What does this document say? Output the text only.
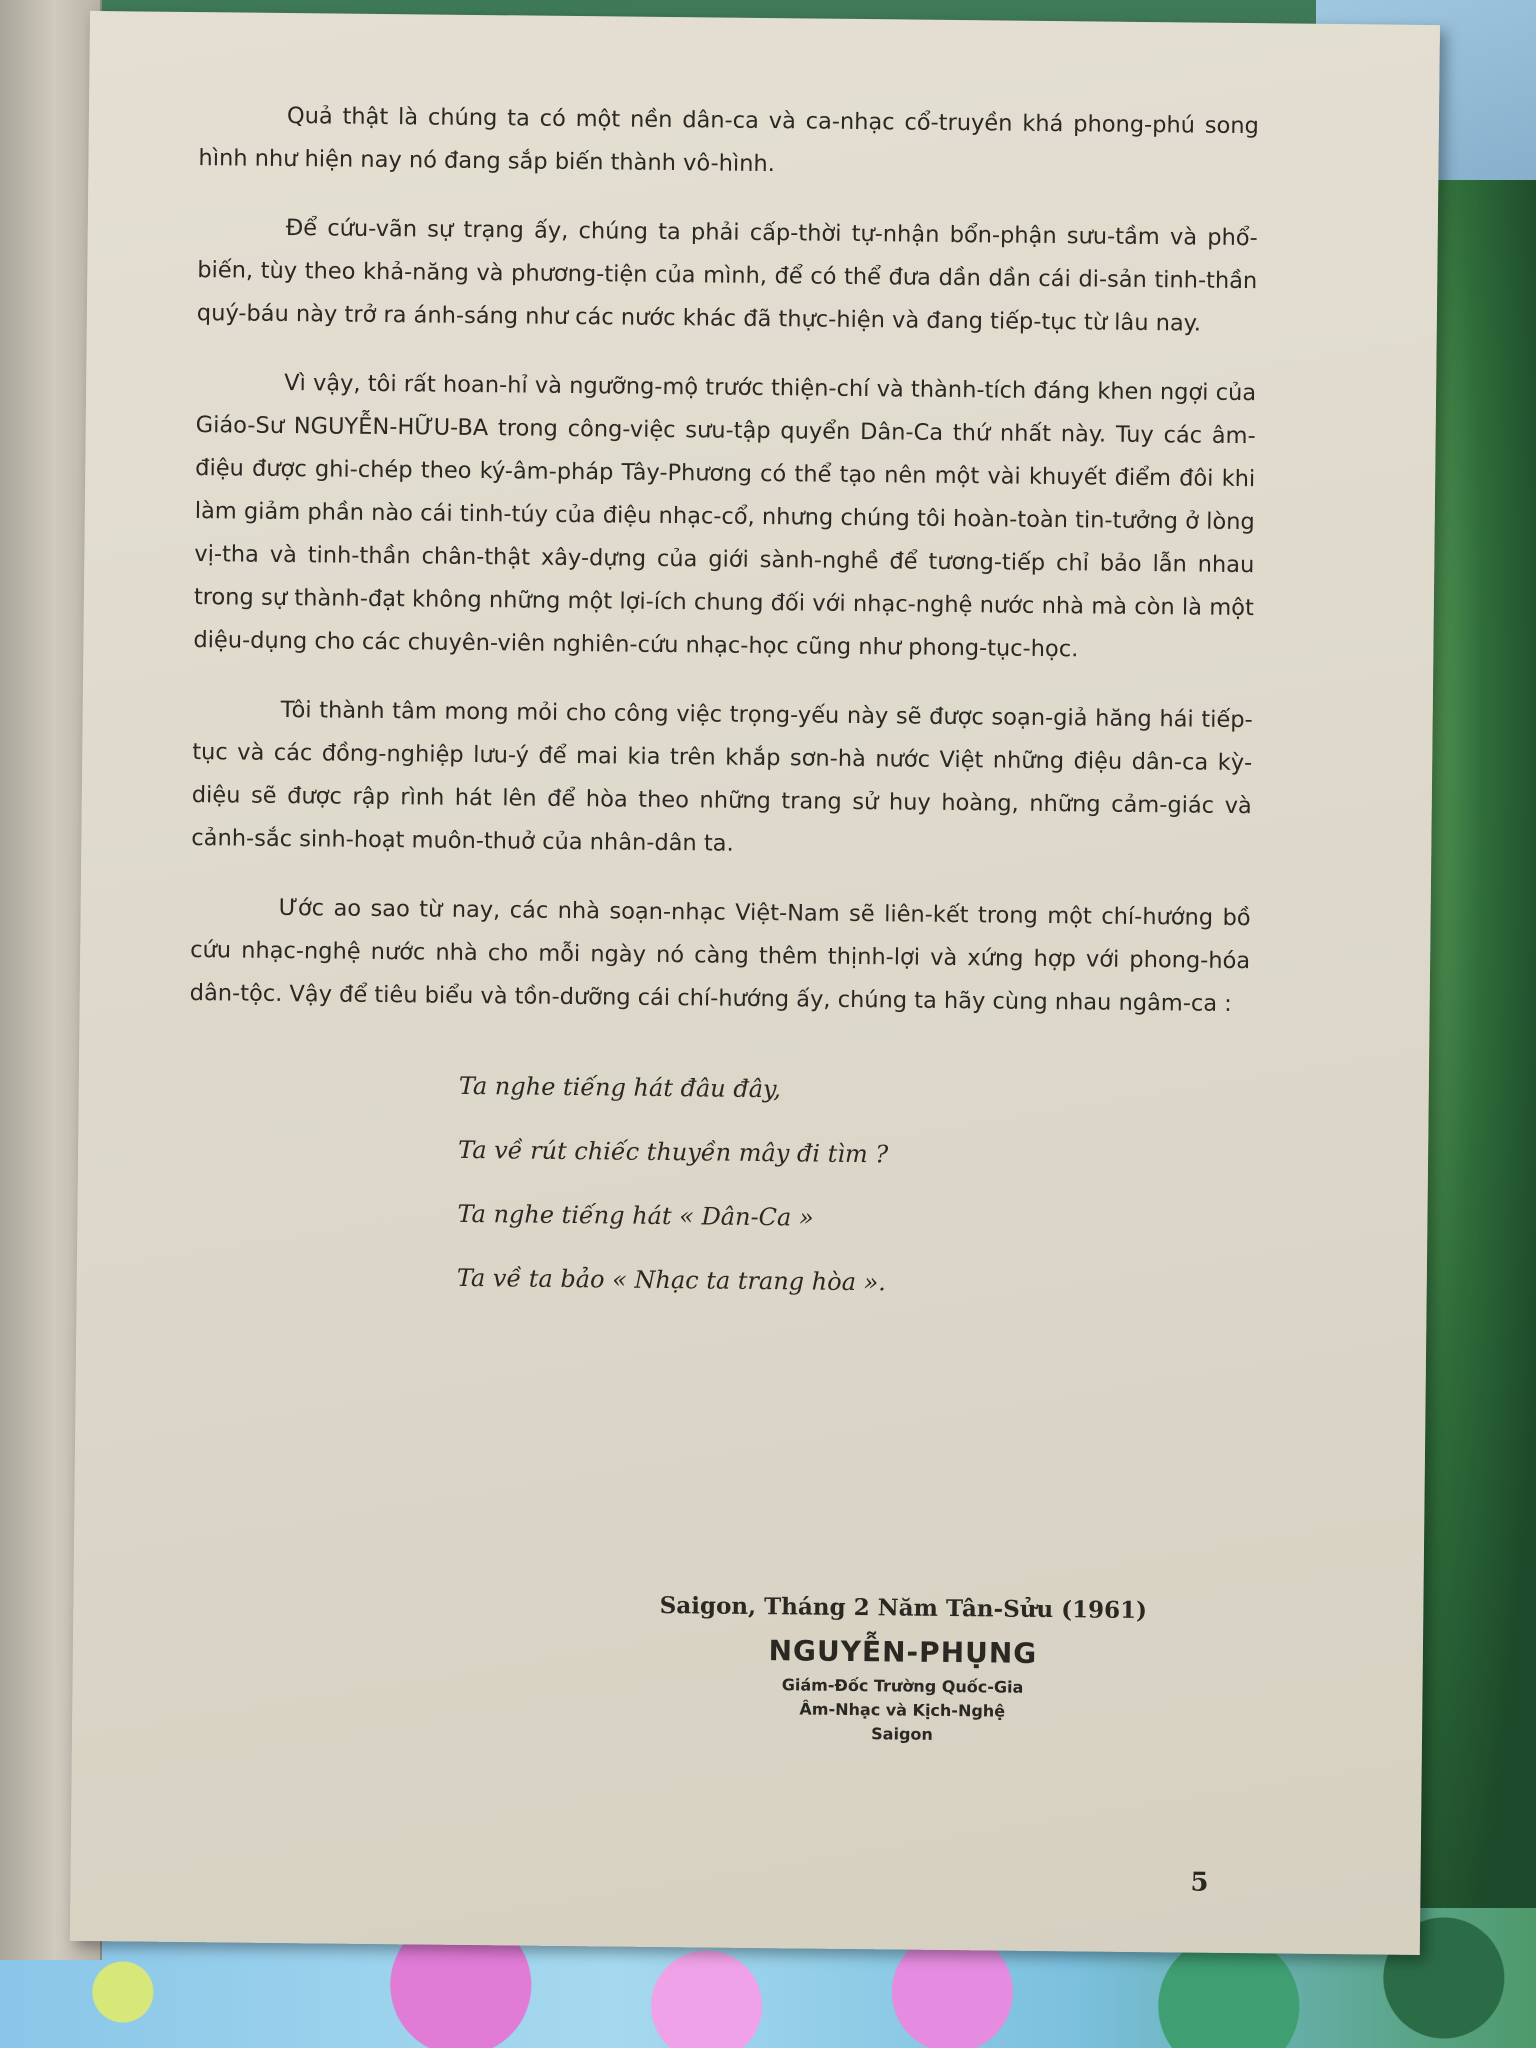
Quả thật là chúng ta có một nền dân-ca và ca-nhạc cổ-truyền khá phong-phú song hình như hiện nay nó đang sắp biến thành vô-hình.

Để cứu-vãn sự trạng ấy, chúng ta phải cấp-thời tự-nhận bổn-phận sưu-tầm và phổ-biến, tùy theo khả-năng và phương-tiện của mình, để có thể đưa dần dần cái di-sản tinh-thần quý-báu này trở ra ánh-sáng như các nước khác đã thực-hiện và đang tiếp-tục từ lâu nay.

Vì vậy, tôi rất hoan-hỉ và ngưỡng-mộ trước thiện-chí và thành-tích đáng khen ngợi của Giáo-Sư NGUYỄN-HỮU-BA trong công-việc sưu-tập quyển Dân-Ca thứ nhất này. Tuy các âm-điệu được ghi-chép theo ký-âm-pháp Tây-Phương có thể tạo nên một vài khuyết điểm đôi khi làm giảm phần nào cái tinh-túy của điệu nhạc-cổ, nhưng chúng tôi hoàn-toàn tin-tưởng ở lòng vị-tha và tinh-thần chân-thật xây-dựng của giới sành-nghề để tương-tiếp chỉ bảo lẫn nhau trong sự thành-đạt không những một lợi-ích chung đối với nhạc-nghệ nước nhà mà còn là một diệu-dụng cho các chuyên-viên nghiên-cứu nhạc-học cũng như phong-tục-học.

Tôi thành tâm mong mỏi cho công việc trọng-yếu này sẽ được soạn-giả hăng hái tiếp-tục và các đồng-nghiệp lưu-ý để mai kia trên khắp sơn-hà nước Việt những điệu dân-ca kỳ-diệu sẽ được rập rình hát lên để hòa theo những trang sử huy hoàng, những cảm-giác và cảnh-sắc sinh-hoạt muôn-thuở của nhân-dân ta.

Ước ao sao từ nay, các nhà soạn-nhạc Việt-Nam sẽ liên-kết trong một chí-hướng bồ cứu nhạc-nghệ nước nhà cho mỗi ngày nó càng thêm thịnh-lợi và xứng hợp với phong-hóa dân-tộc. Vậy để tiêu biểu và tồn-dưỡng cái chí-hướng ấy, chúng ta hãy cùng nhau ngâm-ca :

Ta nghe tiếng hát đâu đây,
Ta về rút chiếc thuyền mây đi tìm ?
Ta nghe tiếng hát « Dân-Ca »
Ta về ta bảo « Nhạc ta trang hòa ».
Saigon, Tháng 2 Năm Tân-Sửu (1961)
NGUYỄN-PHỤNG
Giám-Đốc Trường Quốc-Gia
Âm-Nhạc và Kịch-Nghệ
Saigon
5
